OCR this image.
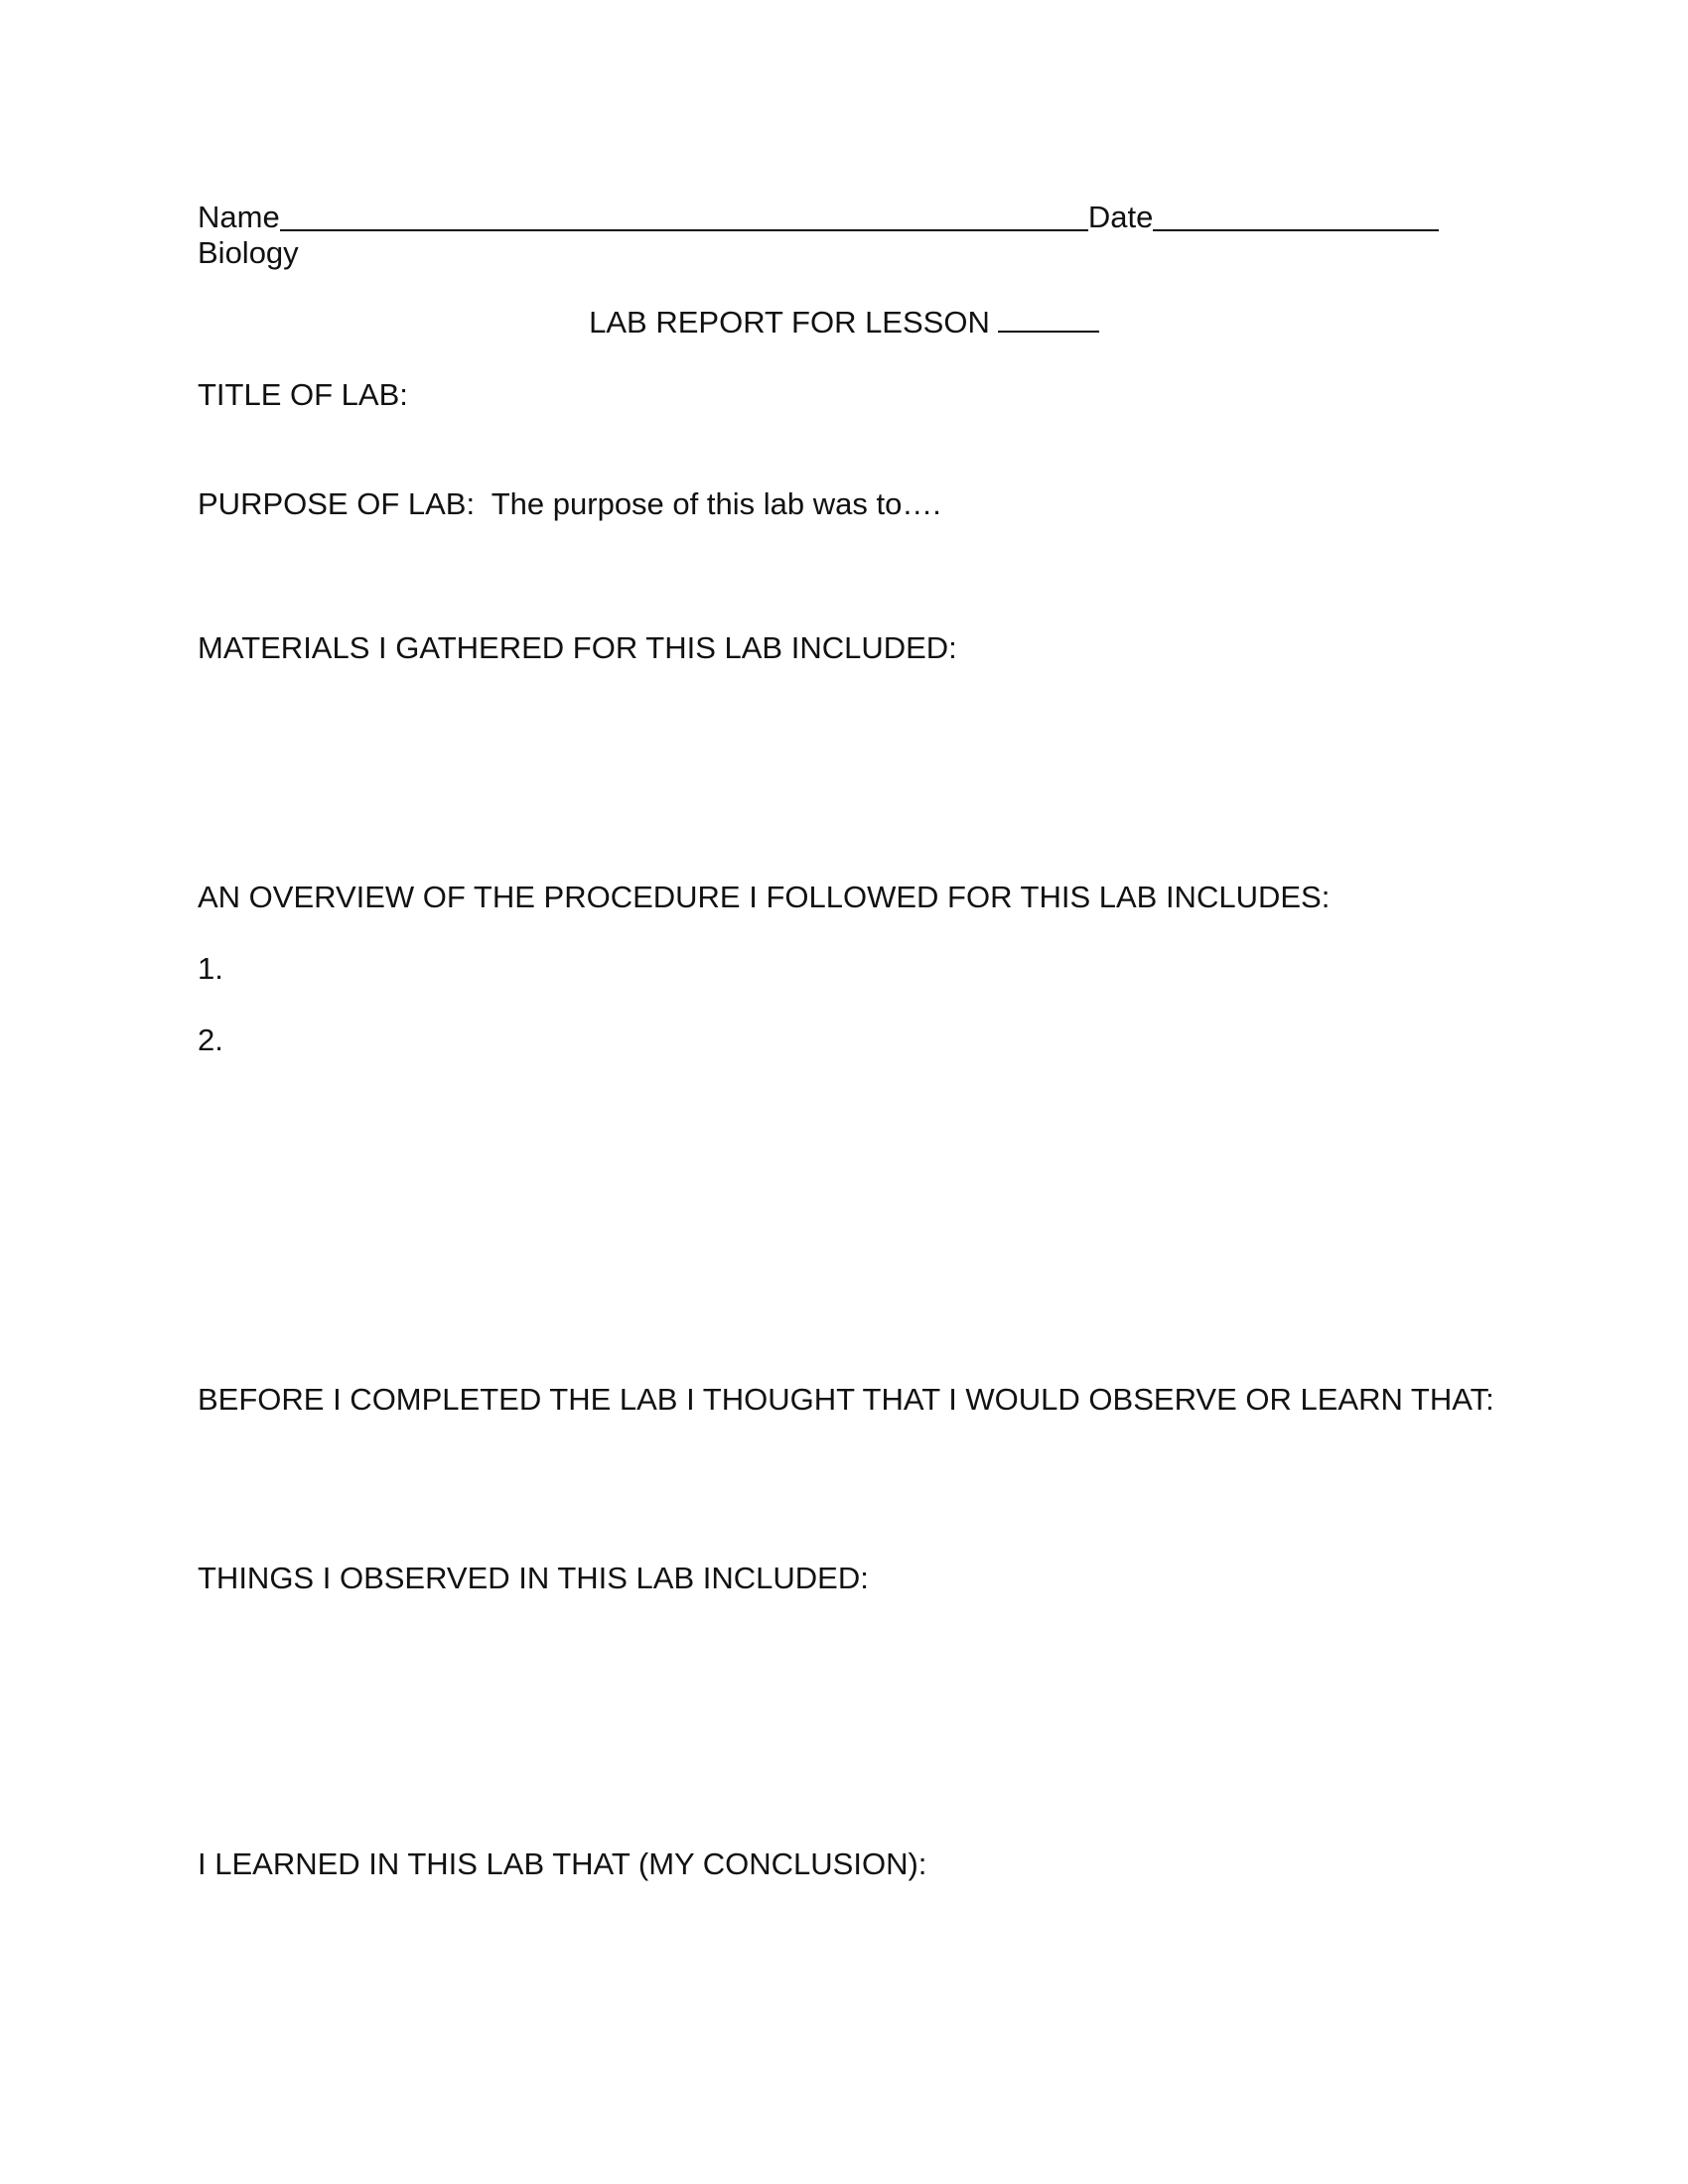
Name	Date

Biology

LAB REPORT FOR LESSON

TITLE OF LAB:

PURPOSE OF LAB:  The purpose of this lab was to….

MATERIALS I GATHERED FOR THIS LAB INCLUDED:

AN OVERVIEW OF THE PROCEDURE I FOLLOWED FOR THIS LAB INCLUDES:

1.

2.

BEFORE I COMPLETED THE LAB I THOUGHT THAT I WOULD OBSERVE OR LEARN THAT:

THINGS I OBSERVED IN THIS LAB INCLUDED:

I LEARNED IN THIS LAB THAT (MY CONCLUSION):
